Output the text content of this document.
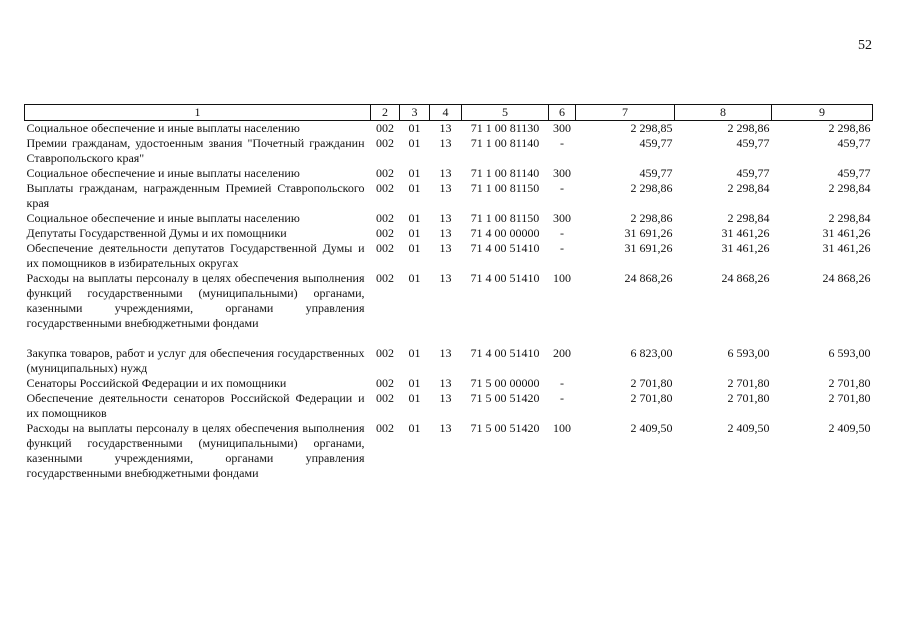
52
1	2	3	4	5	6	7	8	9
Социальное обеспечение и иные выплаты населению	002	01	13	71 1 00 81130	300	2 298,85	2 298,86	2 298,86
Премии гражданам, удостоенным звания "Почетный гражданин Ставропольского края"	002	01	13	71 1 00 81140	-	459,77	459,77	459,77
Социальное обеспечение и иные выплаты населению	002	01	13	71 1 00 81140	300	459,77	459,77	459,77
Выплаты гражданам, награжденным Премией Ставропольского края	002	01	13	71 1 00 81150	-	2 298,86	2 298,84	2 298,84
Социальное обеспечение и иные выплаты населению	002	01	13	71 1 00 81150	300	2 298,86	2 298,84	2 298,84
Депутаты Государственной Думы и их помощники	002	01	13	71 4 00 00000	-	31 691,26	31 461,26	31 461,26
Обеспечение деятельности депутатов Государственной Думы и их помощников в избирательных округах	002	01	13	71 4 00 51410	-	31 691,26	31 461,26	31 461,26
Расходы на выплаты персоналу в целях обеспечения выполнения функций государственными (муниципальными) органами, казенными учреждениями, органами управления государственными внебюджетными фондами	002	01	13	71 4 00 51410	100	24 868,26	24 868,26	24 868,26
Закупка товаров, работ и услуг для обеспечения государственных (муниципальных) нужд	002	01	13	71 4 00 51410	200	6 823,00	6 593,00	6 593,00
Сенаторы Российской Федерации и их помощники	002	01	13	71 5 00 00000	-	2 701,80	2 701,80	2 701,80
Обеспечение деятельности сенаторов Российской Федерации и их помощников	002	01	13	71 5 00 51420	-	2 701,80	2 701,80	2 701,80
Расходы на выплаты персоналу в целях обеспечения выполнения функций государственными (муниципальными) органами, казенными учреждениями, органами управления государственными внебюджетными фондами	002	01	13	71 5 00 51420	100	2 409,50	2 409,50	2 409,50
